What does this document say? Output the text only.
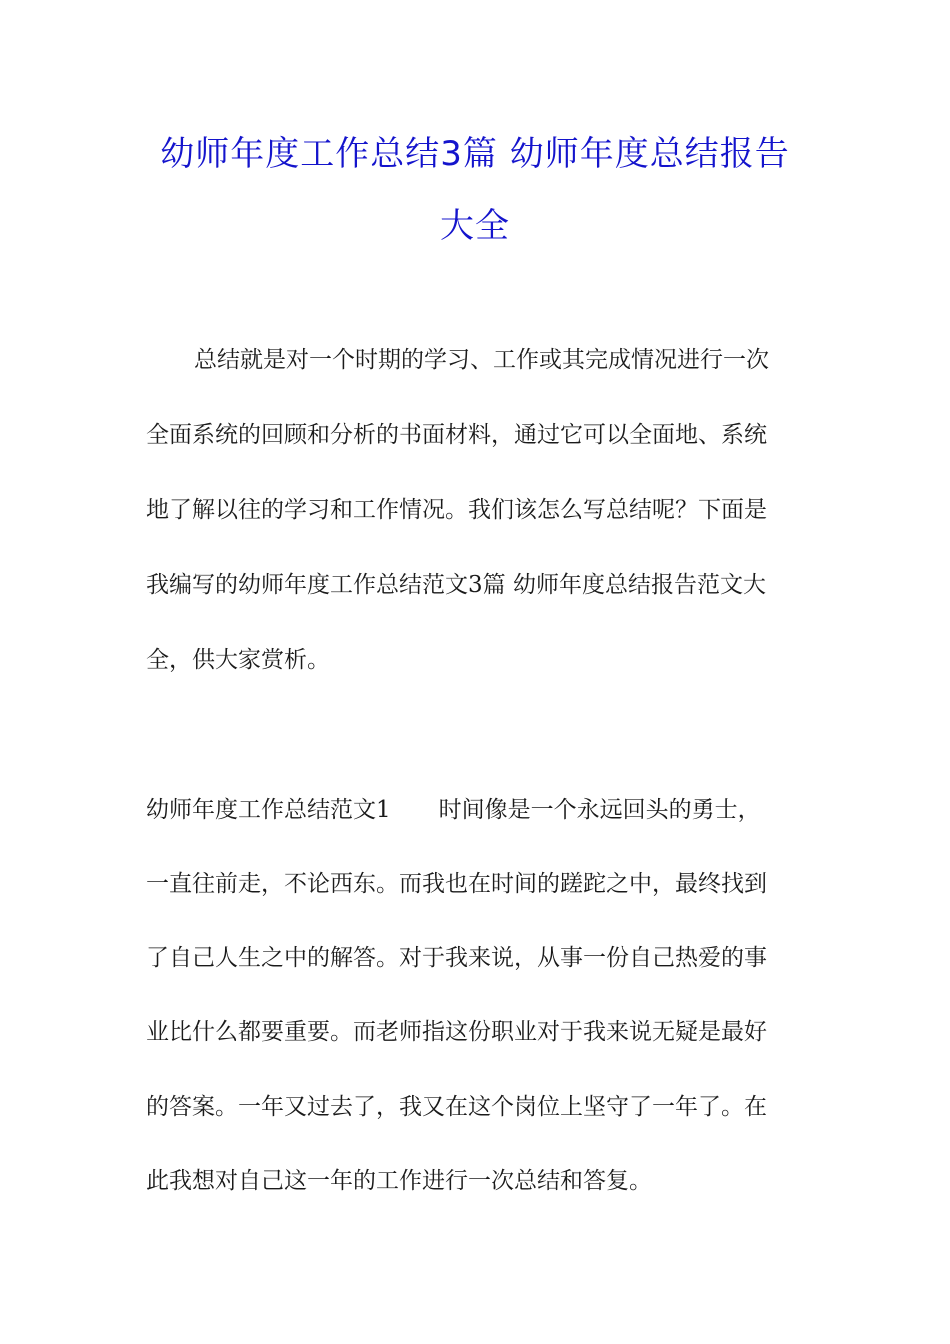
幼师年度工作总结3篇 幼师年度总结报告
大全
总结就是对一个时期的学习、工作或其完成情况进行一次
全面系统的回顾和分析的书面材料，通过它可以全面地、系统
地了解以往的学习和工作情况。我们该怎么写总结呢？下面是
我编写的幼师年度工作总结范文3篇 幼师年度总结报告范文大
全，供大家赏析。
幼师年度工作总结范文1 时间像是一个永远回头的勇士，
一直往前走，不论西东。而我也在时间的蹉跎之中，最终找到
了自己人生之中的解答。对于我来说，从事一份自己热爱的事
业比什么都要重要。而老师指这份职业对于我来说无疑是最好
的答案。一年又过去了，我又在这个岗位上坚守了一年了。在
此我想对自己这一年的工作进行一次总结和答复。
